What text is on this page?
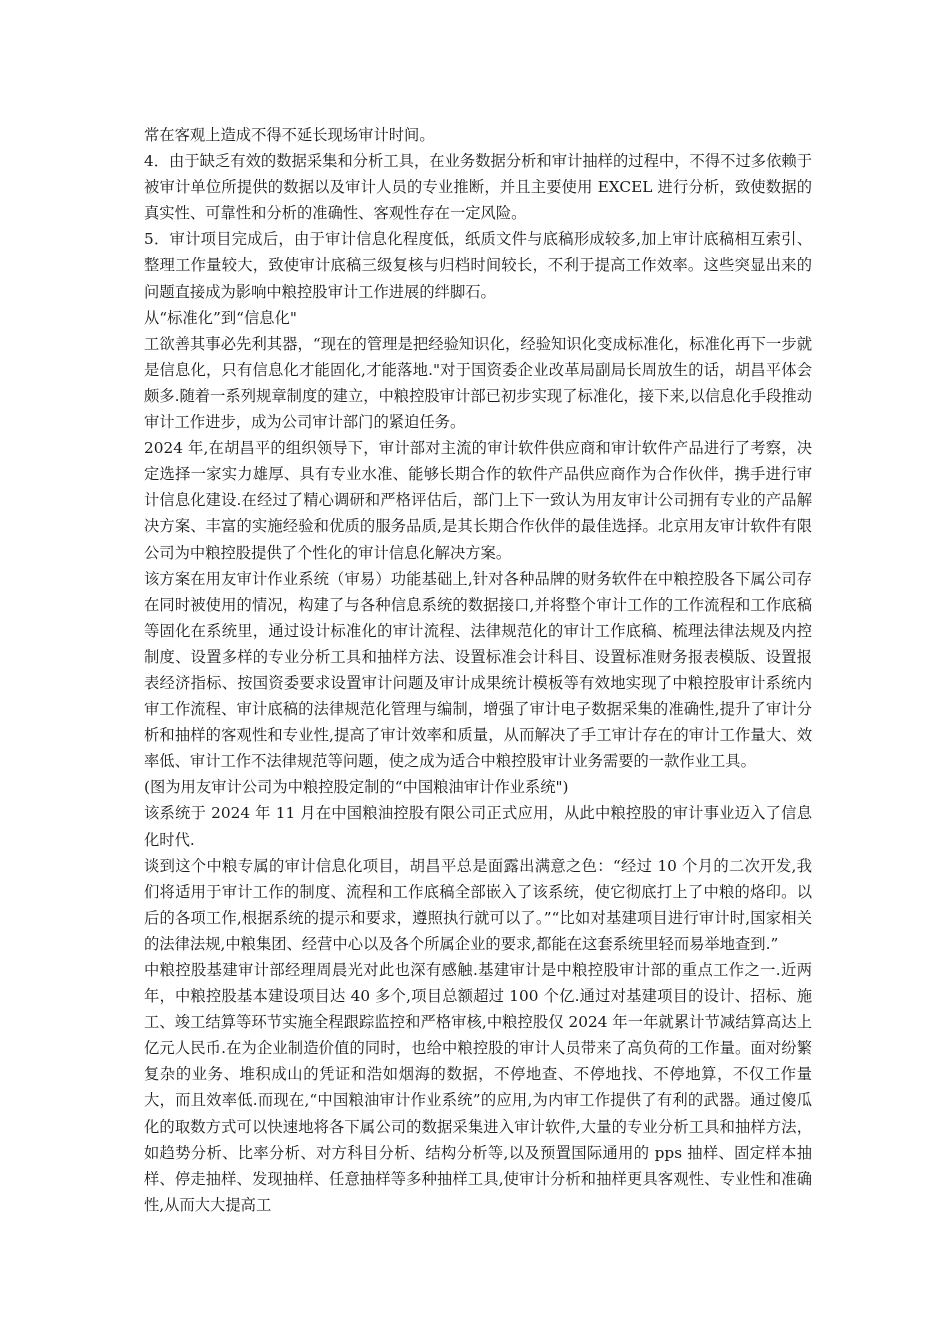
常在客观上造成不得不延长现场审计时间。

4．由于缺乏有效的数据采集和分析工具，在业务数据分析和审计抽样的过程中，不得不过多依赖于被审计单位所提供的数据以及审计人员的专业推断，并且主要使用 EXCEL 进行分析，致使数据的真实性、可靠性和分析的准确性、客观性存在一定风险。

5．审计项目完成后，由于审计信息化程度低，纸质文件与底稿形成较多,加上审计底稿相互索引、整理工作量较大，致使审计底稿三级复核与归档时间较长，不利于提高工作效率。这些突显出来的问题直接成为影响中粮控股审计工作进展的绊脚石。

从“标准化”到“信息化"

工欲善其事必先利其器，“现在的管理是把经验知识化，经验知识化变成标准化，标准化再下一步就是信息化，只有信息化才能固化,才能落地."对于国资委企业改革局副局长周放生的话，胡昌平体会颇多.随着一系列规章制度的建立，中粮控股审计部已初步实现了标准化，接下来,以信息化手段推动审计工作进步，成为公司审计部门的紧迫任务。

2024 年,在胡昌平的组织领导下，审计部对主流的审计软件供应商和审计软件产品进行了考察，决定选择一家实力雄厚、具有专业水准、能够长期合作的软件产品供应商作为合作伙伴，携手进行审计信息化建设.在经过了精心调研和严格评估后，部门上下一致认为用友审计公司拥有专业的产品解决方案、丰富的实施经验和优质的服务品质,是其长期合作伙伴的最佳选择。北京用友审计软件有限公司为中粮控股提供了个性化的审计信息化解决方案。

该方案在用友审计作业系统（审易）功能基础上,针对各种品牌的财务软件在中粮控股各下属公司存在同时被使用的情况，构建了与各种信息系统的数据接口,并将整个审计工作的工作流程和工作底稿等固化在系统里，通过设计标准化的审计流程、法律规范化的审计工作底稿、梳理法律法规及内控制度、设置多样的专业分析工具和抽样方法、设置标准会计科目、设置标准财务报表模版、设置报表经济指标、按国资委要求设置审计问题及审计成果统计模板等有效地实现了中粮控股审计系统内审工作流程、审计底稿的法律规范化管理与编制，增强了审计电子数据采集的准确性,提升了审计分析和抽样的客观性和专业性,提高了审计效率和质量，从而解决了手工审计存在的审计工作量大、效率低、审计工作不法律规范等问题，使之成为适合中粮控股审计业务需要的一款作业工具。

(图为用友审计公司为中粮控股定制的“中国粮油审计作业系统")

该系统于 2024 年 11 月在中国粮油控股有限公司正式应用，从此中粮控股的审计事业迈入了信息化时代.

谈到这个中粮专属的审计信息化项目，胡昌平总是面露出满意之色：“经过 10 个月的二次开发,我们将适用于审计工作的制度、流程和工作底稿全部嵌入了该系统，使它彻底打上了中粮的烙印。以后的各项工作,根据系统的提示和要求，遵照执行就可以了。”“比如对基建项目进行审计时,国家相关的法律法规,中粮集团、经营中心以及各个所属企业的要求,都能在这套系统里轻而易举地查到.”

中粮控股基建审计部经理周晨光对此也深有感触.基建审计是中粮控股审计部的重点工作之一.近两年，中粮控股基本建设项目达 40 多个,项目总额超过 100 个亿.通过对基建项目的设计、招标、施工、竣工结算等环节实施全程跟踪监控和严格审核,中粮控股仅 2024 年一年就累计节减结算高达上亿元人民币.在为企业制造价值的同时，也给中粮控股的审计人员带来了高负荷的工作量。面对纷繁复杂的业务、堆积成山的凭证和浩如烟海的数据，不停地查、不停地找、不停地算，不仅工作量大，而且效率低.而现在,“中国粮油审计作业系统”的应用,为内审工作提供了有利的武器。通过傻瓜化的取数方式可以快速地将各下属公司的数据采集进入审计软件,大量的专业分析工具和抽样方法，如趋势分析、比率分析、对方科目分析、结构分析等,以及预置国际通用的 pps 抽样、固定样本抽样、停走抽样、发现抽样、任意抽样等多种抽样工具,使审计分析和抽样更具客观性、专业性和准确性,从而大大提高工
